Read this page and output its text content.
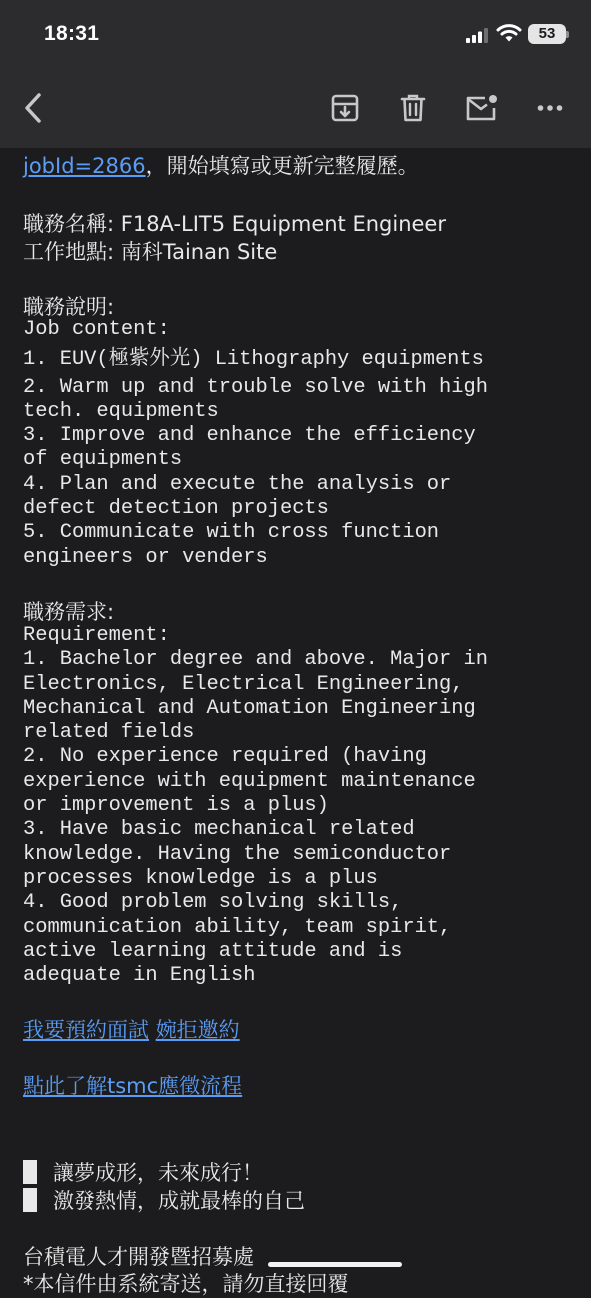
18:31	53
jobId=2866，開始填寫或更新完整履歷。
職務名稱: F18A-LIT5 Equipment Engineer
工作地點: 南科Tainan Site
職務說明:
Job content:
1. EUV(極紫外光) Lithography equipments
2. Warm up and trouble solve with high
tech. equipments
3. Improve and enhance the efficiency
of equipments
4. Plan and execute the analysis or
defect detection projects
5. Communicate with cross function
engineers or venders
職務需求:
Requirement:
1. Bachelor degree and above. Major in
Electronics, Electrical Engineering,
Mechanical and Automation Engineering
related fields
2. No experience required (having
experience with equipment maintenance
or improvement is a plus)
3. Have basic mechanical related
knowledge. Having the semiconductor
processes knowledge is a plus
4. Good problem solving skills,
communication ability, team spirit,
active learning attitude and is
adequate in English
我要預約面試 婉拒邀約
點此了解tsmc應徵流程
讓夢成形，未來成行！
激發熱情，成就最棒的自己
台積電人才開發暨招募處
*本信件由系統寄送，請勿直接回覆
